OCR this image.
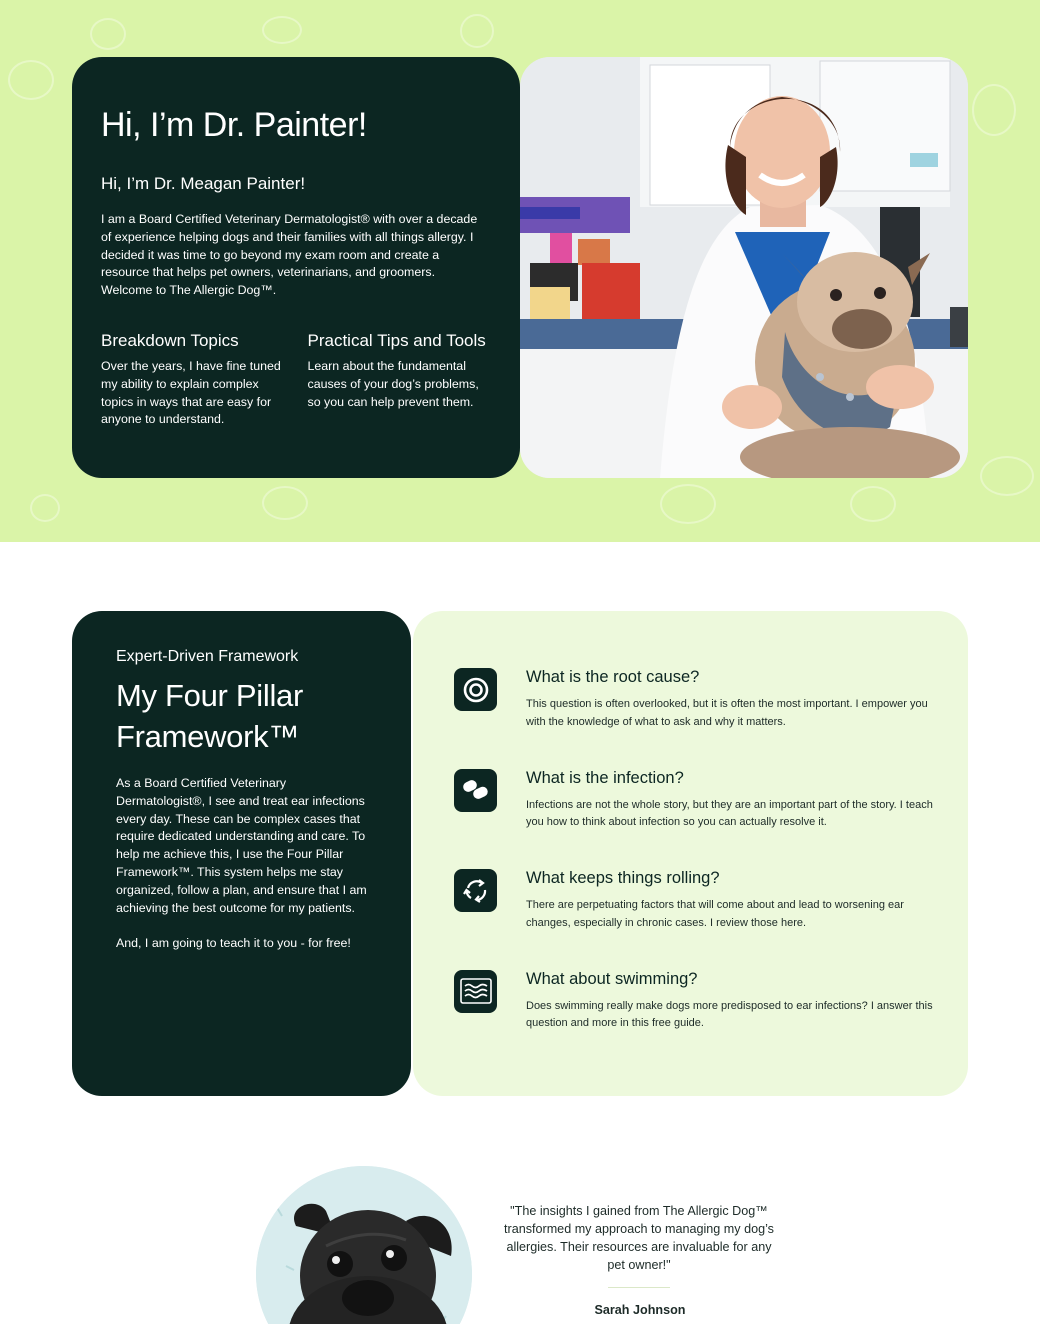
Hi, I’m Dr. Painter!
Hi, I’m Dr. Meagan Painter!

I am a Board Certified Veterinary Dermatologist® with over a decade of experience helping dogs and their families with all things allergy. I decided it was time to go beyond my exam room and create a resource that helps pet owners, veterinarians, and groomers. Welcome to The Allergic Dog™.

Breakdown Topics

Over the years, I have fine tuned my ability to explain complex topics in ways that are easy for anyone to understand.

Practical Tips and Tools

Learn about the fundamental causes of your dog’s problems, so you can help prevent them.

Expert-Driven Framework
My Four Pillar Framework™

As a Board Certified Veterinary Dermatologist®, I see and treat ear infections every day. These can be complex cases that require dedicated understanding and care. To help me achieve this, I use the Four Pillar Framework™. This system helps me stay organized, follow a plan, and ensure that I am achieving the best outcome for my patients.

And, I am going to teach it to you - for free!

What is the root cause?

This question is often overlooked, but it is often the most important. I empower you with the knowledge of what to ask and why it matters.

What is the infection?

Infections are not the whole story, but they are an important part of the story. I teach you how to think about infection so you can actually resolve it.

What keeps things rolling?

There are perpetuating factors that will come about and lead to worsening ear changes, especially in chronic cases. I review those here.

What about swimming?

Does swimming really make dogs more predisposed to ear infections? I answer this question and more in this free guide.

"The insights I gained from The Allergic Dog™ transformed my approach to managing my dog’s allergies. Their resources are invaluable for any pet owner!"

Sarah Johnson
